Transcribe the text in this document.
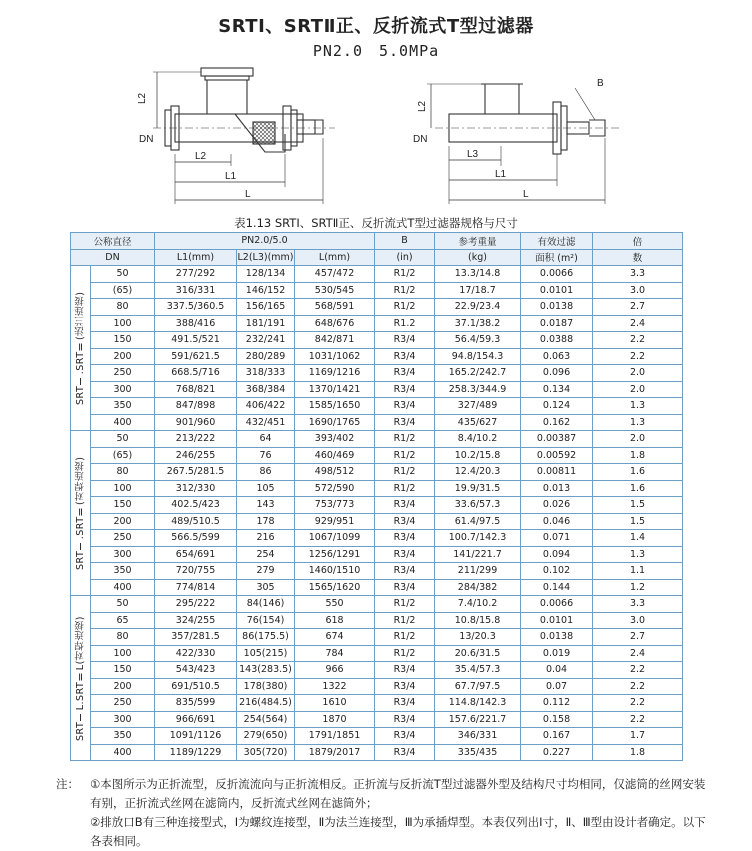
SRTⅠ、SRTⅡ正、反折流式T型过滤器
PN2.0　5.0MPa
L2
DN
L2
L1
L
B
L2
DN
L3
L1
L
表1.13 SRTⅠ、SRTⅡ正、反折流式T型过滤器规格与尺寸
公称直径		PN2.0/5.0			B	参考重量	有效过滤	倍
DN		L1(mm)	L2(L3)(mm)	L(mm)	(in)	(kg)	面积 (m²)	数
SRTⅠ.SRTⅡ(法兰连接)	50	277/292	128/134	457/472	R1/2	13.3/14.8	0.0066	3.3
	(65)	316/331	146/152	530/545	R1/2	17/18.7	0.0101	3.0
	80	337.5/360.5	156/165	568/591	R1/2	22.9/23.4	0.0138	2.7
	100	388/416	181/191	648/676	R1.2	37.1/38.2	0.0187	2.4
	150	491.5/521	232/241	842/871	R3/4	56.4/59.3	0.0388	2.2
	200	591/621.5	280/289	1031/1062	R3/4	94.8/154.3	0.063	2.2
	250	668.5/716	318/333	1169/1216	R3/4	165.2/242.7	0.096	2.0
	300	768/821	368/384	1370/1421	R3/4	258.3/344.9	0.134	2.0
	350	847/898	406/422	1585/1650	R3/4	327/489	0.124	1.3
	400	901/960	432/451	1690/1765	R3/4	435/627	0.162	1.3
SRTⅠ.SRTⅡ(对焊连接)	50	213/222	64	393/402	R1/2	8.4/10.2	0.00387	2.0
	(65)	246/255	76	460/469	R1/2	10.2/15.8	0.00592	1.8
	80	267.5/281.5	86	498/512	R1/2	12.4/20.3	0.00811	1.6
	100	312/330	105	572/590	R1/2	19.9/31.5	0.013	1.6
	150	402.5/423	143	753/773	R3/4	33.6/57.3	0.026	1.5
	200	489/510.5	178	929/951	R3/4	61.4/97.5	0.046	1.5
	250	566.5/599	216	1067/1099	R3/4	100.7/142.3	0.071	1.4
	300	654/691	254	1256/1291	R3/4	141/221.7	0.094	1.3
	350	720/755	279	1460/1510	R3/4	211/299	0.102	1.1
	400	774/814	305	1565/1620	R3/4	284/382	0.144	1.2
SRTⅠL.SRTⅡL(对焊连接)	50	295/222	84(146)	550	R1/2	7.4/10.2	0.0066	3.3
	65	324/255	76(154)	618	R1/2	10.8/15.8	0.0101	3.0
	80	357/281.5	86(175.5)	674	R1/2	13/20.3	0.0138	2.7
	100	422/330	105(215)	784	R1/2	20.6/31.5	0.019	2.4
	150	543/423	143(283.5)	966	R3/4	35.4/57.3	0.04	2.2
	200	691/510.5	178(380)	1322	R3/4	67.7/97.5	0.07	2.2
	250	835/599	216(484.5)	1610	R3/4	114.8/142.3	0.112	2.2
	300	966/691	254(564)	1870	R3/4	157.6/221.7	0.158	2.2
	350	1091/1126	279(650)	1791/1851	R3/4	346/331	0.167	1.7
	400	1189/1229	305(720)	1879/2017	R3/4	335/435	0.227	1.8
注： ①本图所示为正折流型，反折流流向与正折流相反。正折流与反折流T型过滤器外型及结构尺寸均相同，仅滤筒的丝网安装有别，正折流式丝网在滤筒内，反折流式丝网在滤筒外；
②排放口B有三种连接型式，Ⅰ为螺纹连接型，Ⅱ为法兰连接型，Ⅲ为承插焊型。本表仅列出Ⅰ寸，Ⅱ、Ⅲ型由设计者确定。以下各表相同。
